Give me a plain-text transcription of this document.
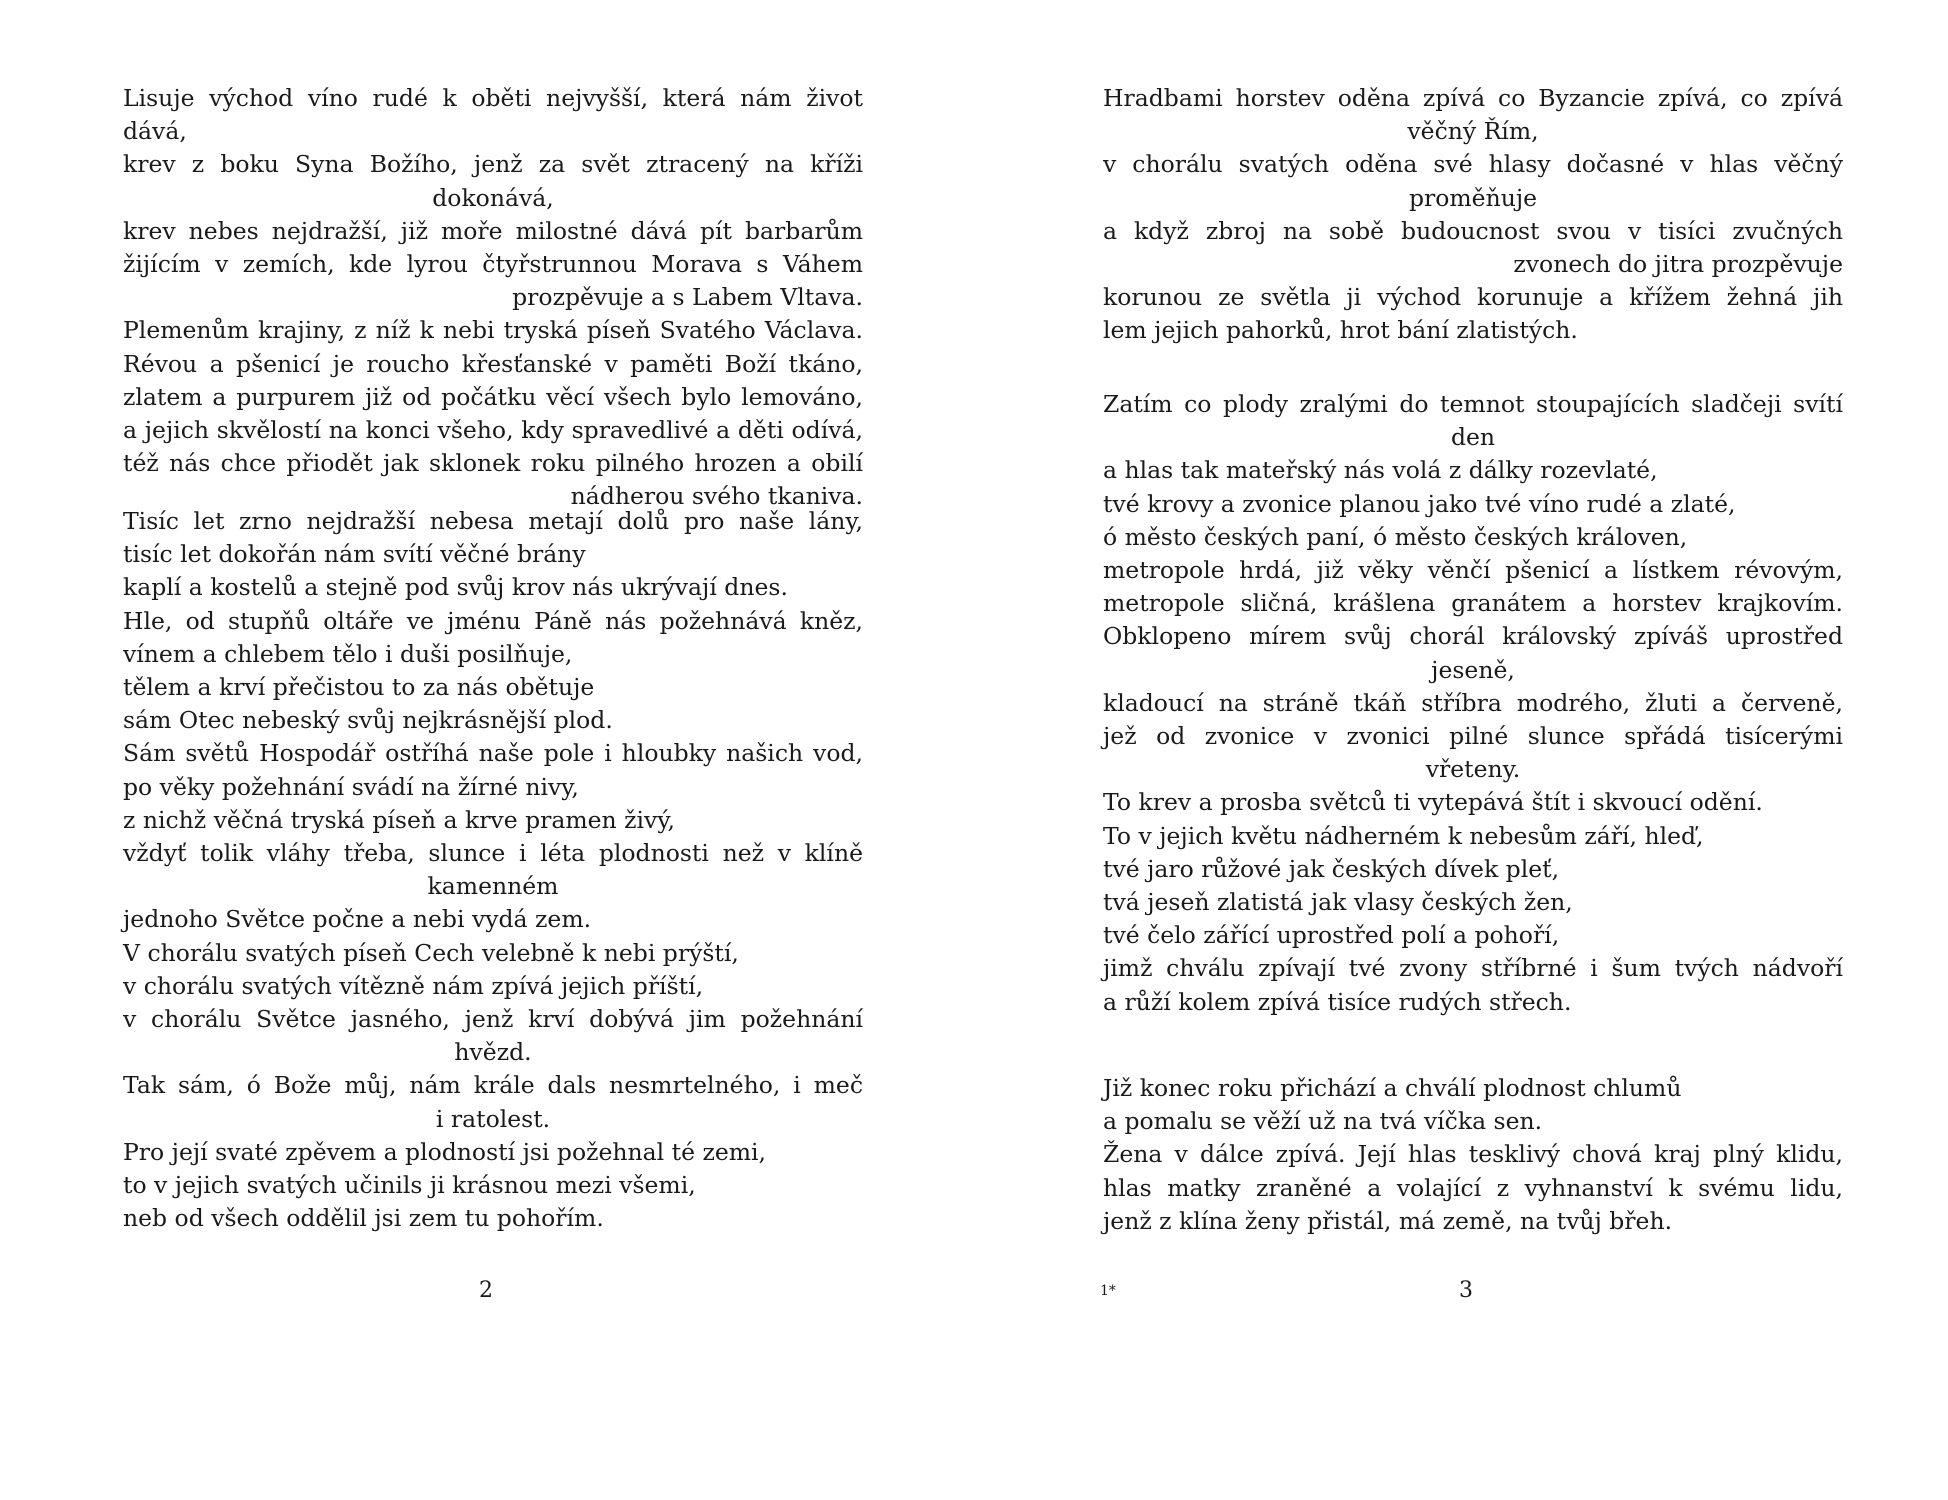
Lisuje východ víno rudé k oběti nejvyšší, která nám život dává,
krev z boku Syna Božího, jenž za svět ztracený na kříži
dokonává,
krev nebes nejdražší, již moře milostné dává pít barbarům
žijícím v zemích, kde lyrou čtyřstrunnou Morava s Váhem
prozpěvuje a s Labem Vltava.
Plemenům krajiny, z níž k nebi tryská píseň Svatého Václava.
Révou a pšenicí je roucho křesťanské v paměti Boží tkáno,
zlatem a purpurem již od počátku věcí všech bylo lemováno,
a jejich skvělostí na konci všeho, kdy spravedlivé a děti odívá,
též nás chce přiodět jak sklonek roku pilného hrozen a obilí
nádherou svého tkaniva.
Tisíc let zrno nejdražší nebesa metají dolů pro naše lány,
tisíc let dokořán nám svítí věčné brány
kaplí a kostelů a stejně pod svůj krov nás ukrývají dnes.
Hle, od stupňů oltáře ve jménu Páně nás požehnává kněz,
vínem a chlebem tělo i duši posilňuje,
tělem a krví přečistou to za nás obětuje
sám Otec nebeský svůj nejkrásnější plod.
Sám světů Hospodář ostříhá naše pole i hloubky našich vod,
po věky požehnání svádí na žírné nivy,
z nichž věčná tryská píseň a krve pramen živý,
vždyť tolik vláhy třeba, slunce i léta plodnosti než v klíně
kamenném
jednoho Světce počne a nebi vydá zem.
V chorálu svatých píseň Cech velebně k nebi prýští,
v chorálu svatých vítězně nám zpívá jejich příští,
v chorálu Světce jasného, jenž krví dobývá jim požehnání
hvězd.
Tak sám, ó Bože můj, nám krále dals nesmrtelného, i meč
i ratolest.
Pro její svaté zpěvem a plodností jsi požehnal té zemi,
to v jejich svatých učinils ji krásnou mezi všemi,
neb od všech oddělil jsi zem tu pohořím.
2
Hradbami horstev oděna zpívá co Byzancie zpívá, co zpívá
věčný Řím,
v chorálu svatých oděna své hlasy dočasné v hlas věčný
proměňuje
a když zbroj na sobě budoucnost svou v tisíci zvučných
zvonech do jitra prozpěvuje
korunou ze světla ji východ korunuje a křížem žehná jih
lem jejich pahorků, hrot bání zlatistých.
Zatím co plody zralými do temnot stoupajících sladčeji svítí
den
a hlas tak mateřský nás volá z dálky rozevlaté,
tvé krovy a zvonice planou jako tvé víno rudé a zlaté,
ó město českých paní, ó město českých královen,
metropole hrdá, již věky věnčí pšenicí a lístkem révovým,
metropole sličná, krášlena granátem a horstev krajkovím.
Obklopeno mírem svůj chorál královský zpíváš uprostřed
jeseně,
kladoucí na stráně tkáň stříbra modrého, žluti a červeně,
jež od zvonice v zvonici pilné slunce spřádá tisícerými
vřeteny.
To krev a prosba světců ti vytepává štít i skvoucí odění.
To v jejich květu nádherném k nebesům září, hleď,
tvé jaro růžové jak českých dívek pleť,
tvá jeseň zlatistá jak vlasy českých žen,
tvé čelo zářící uprostřed polí a pohoří,
jimž chválu zpívají tvé zvony stříbrné i šum tvých nádvoří
a růží kolem zpívá tisíce rudých střech.
Již konec roku přichází a chválí plodnost chlumů
a pomalu se věží už na tvá víčka sen.
Žena v dálce zpívá. Její hlas tesklivý chová kraj plný klidu,
hlas matky zraněné a volající z vyhnanství k svému lidu,
jenž z klína ženy přistál, má země, na tvůj břeh.
1*	3
